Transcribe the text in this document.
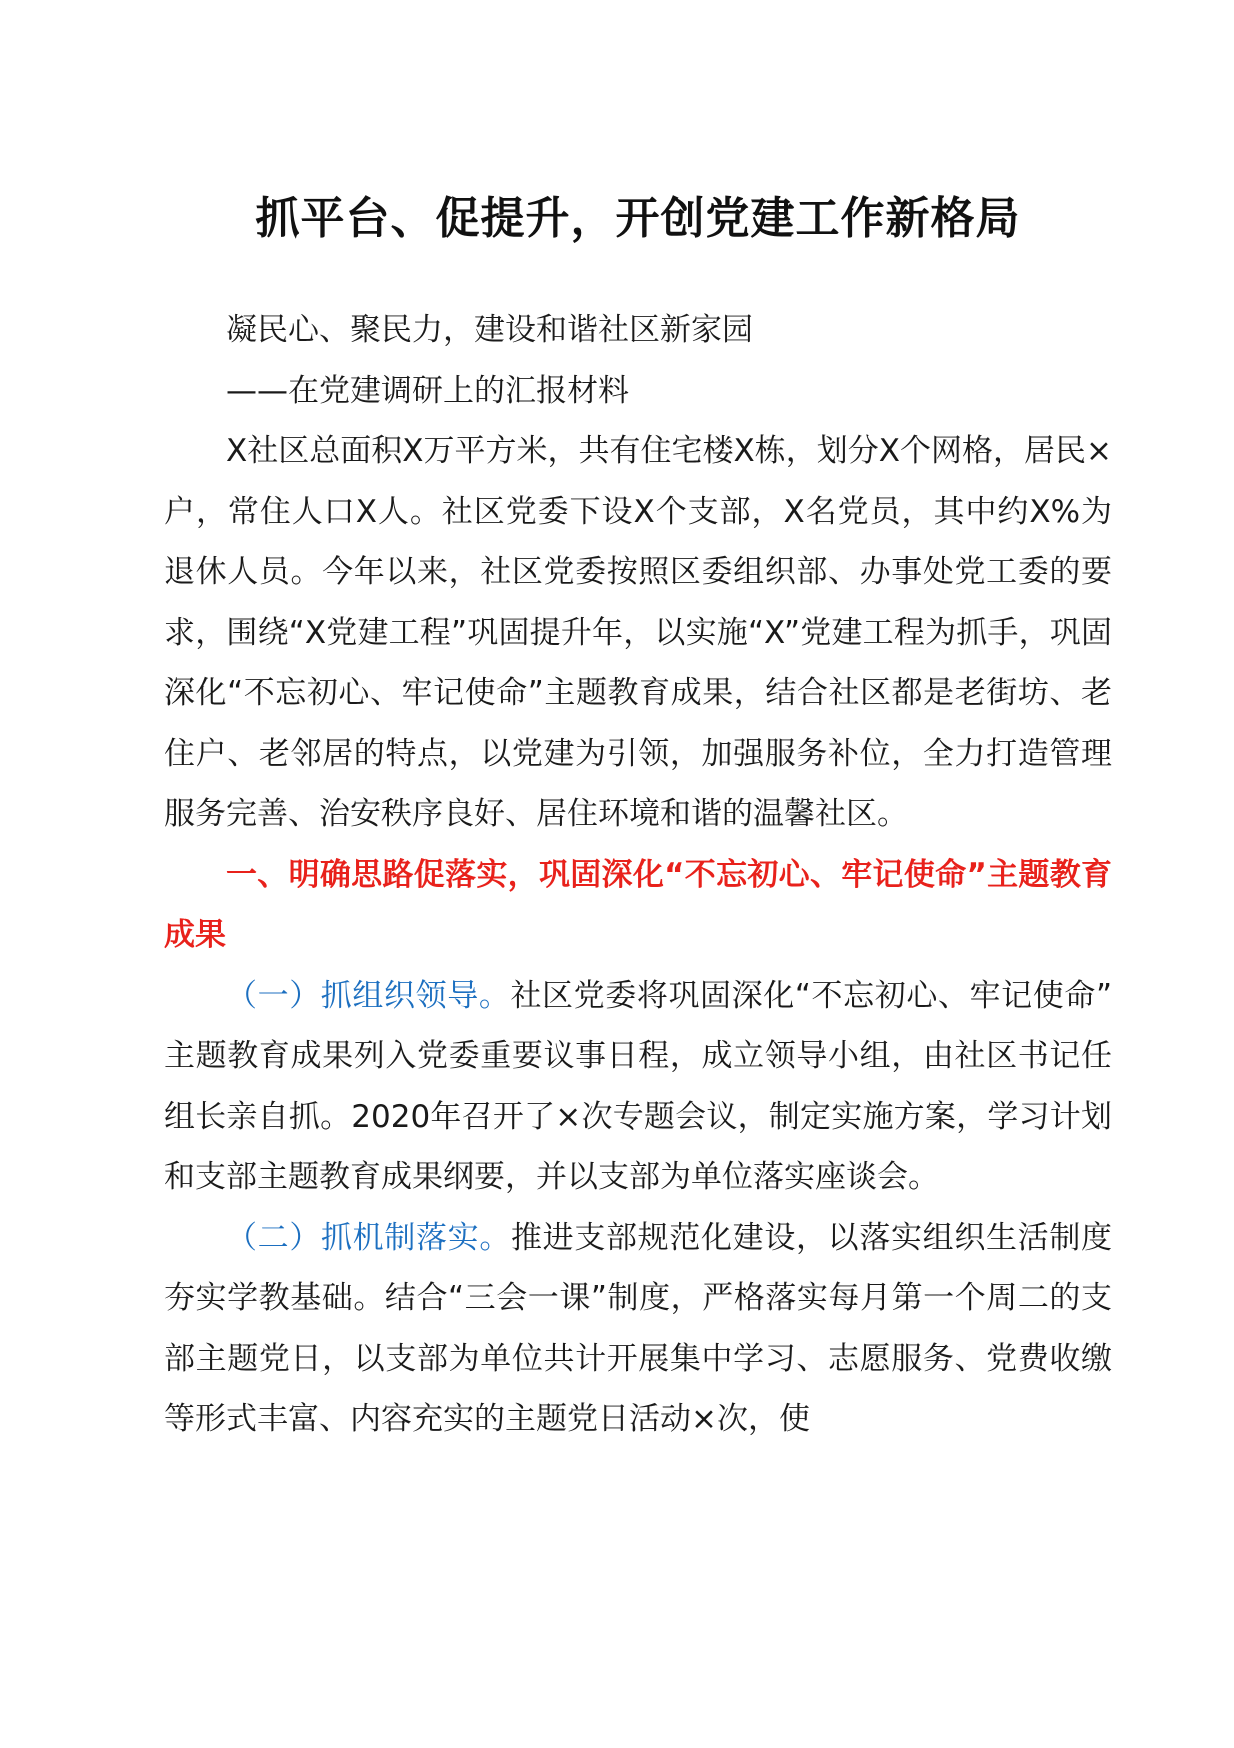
抓平台、促提升，开创党建工作新格局

凝民心、聚民力，建设和谐社区新家园

——在党建调研上的汇报材料

X社区总面积X万平方米，共有住宅楼X栋，划分X个网格，居民×户，常住人口X人。社区党委下设X个支部，X名党员，其中约X%为退休人员。今年以来，社区党委按照区委组织部、办事处党工委的要求，围绕“X党建工程”巩固提升年，以实施“X”党建工程为抓手，巩固深化“不忘初心、牢记使命”主题教育成果，结合社区都是老街坊、老住户、老邻居的特点，以党建为引领，加强服务补位，全力打造管理服务完善、治安秩序良好、居住环境和谐的温馨社区。

一、明确思路促落实，巩固深化“不忘初心、牢记使命”主题教育成果

（一）抓组织领导。社区党委将巩固深化“不忘初心、牢记使命”主题教育成果列入党委重要议事日程，成立领导小组，由社区书记任组长亲自抓。2020年召开了×次专题会议，制定实施方案，学习计划和支部主题教育成果纲要，并以支部为单位落实座谈会。

（二）抓机制落实。推进支部规范化建设，以落实组织生活制度夯实学教基础。结合“三会一课”制度，严格落实每月第一个周二的支部主题党日，以支部为单位共计开展集中学习、志愿服务、党费收缴等形式丰富、内容充实的主题党日活动×次，使
